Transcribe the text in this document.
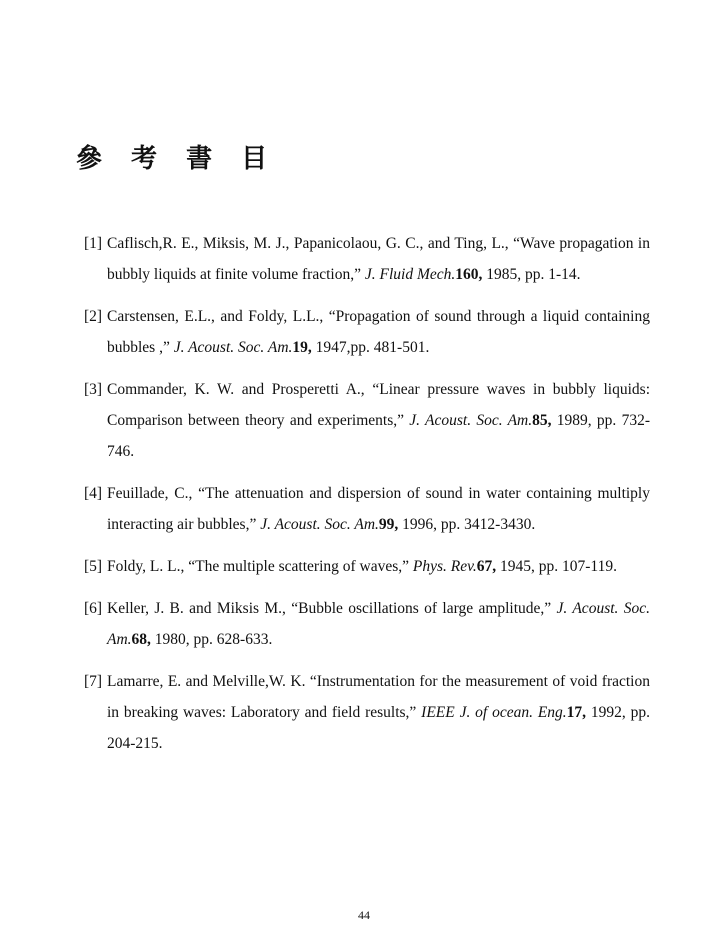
參 考 書 目
[1] Caflisch,R. E., Miksis, M. J., Papanicolaou, G. C., and Ting, L., “Wave propagation in bubbly liquids at finite volume fraction,” J. Fluid Mech.160, 1985, pp. 1-14.
[2] Carstensen, E.L., and Foldy, L.L., “Propagation of sound through a liquid containing bubbles ,” J. Acoust. Soc. Am.19, 1947,pp. 481-501.
[3] Commander, K. W. and Prosperetti A., “Linear pressure waves in bubbly liquids: Comparison between theory and experiments,” J. Acoust. Soc. Am.85, 1989, pp. 732-746.
[4] Feuillade, C., “The attenuation and dispersion of sound in water containing multiply interacting air bubbles,” J. Acoust. Soc. Am.99, 1996, pp. 3412-3430.
[5] Foldy, L. L., “The multiple scattering of waves,” Phys. Rev.67, 1945, pp. 107-119.
[6] Keller, J. B. and Miksis M., “Bubble oscillations of large amplitude,” J. Acoust. Soc. Am.68, 1980, pp. 628-633.
[7] Lamarre, E. and Melville,W. K. “Instrumentation for the measurement of void fraction in breaking waves: Laboratory and field results,” IEEE J. of ocean. Eng.17, 1992, pp. 204-215.
44
